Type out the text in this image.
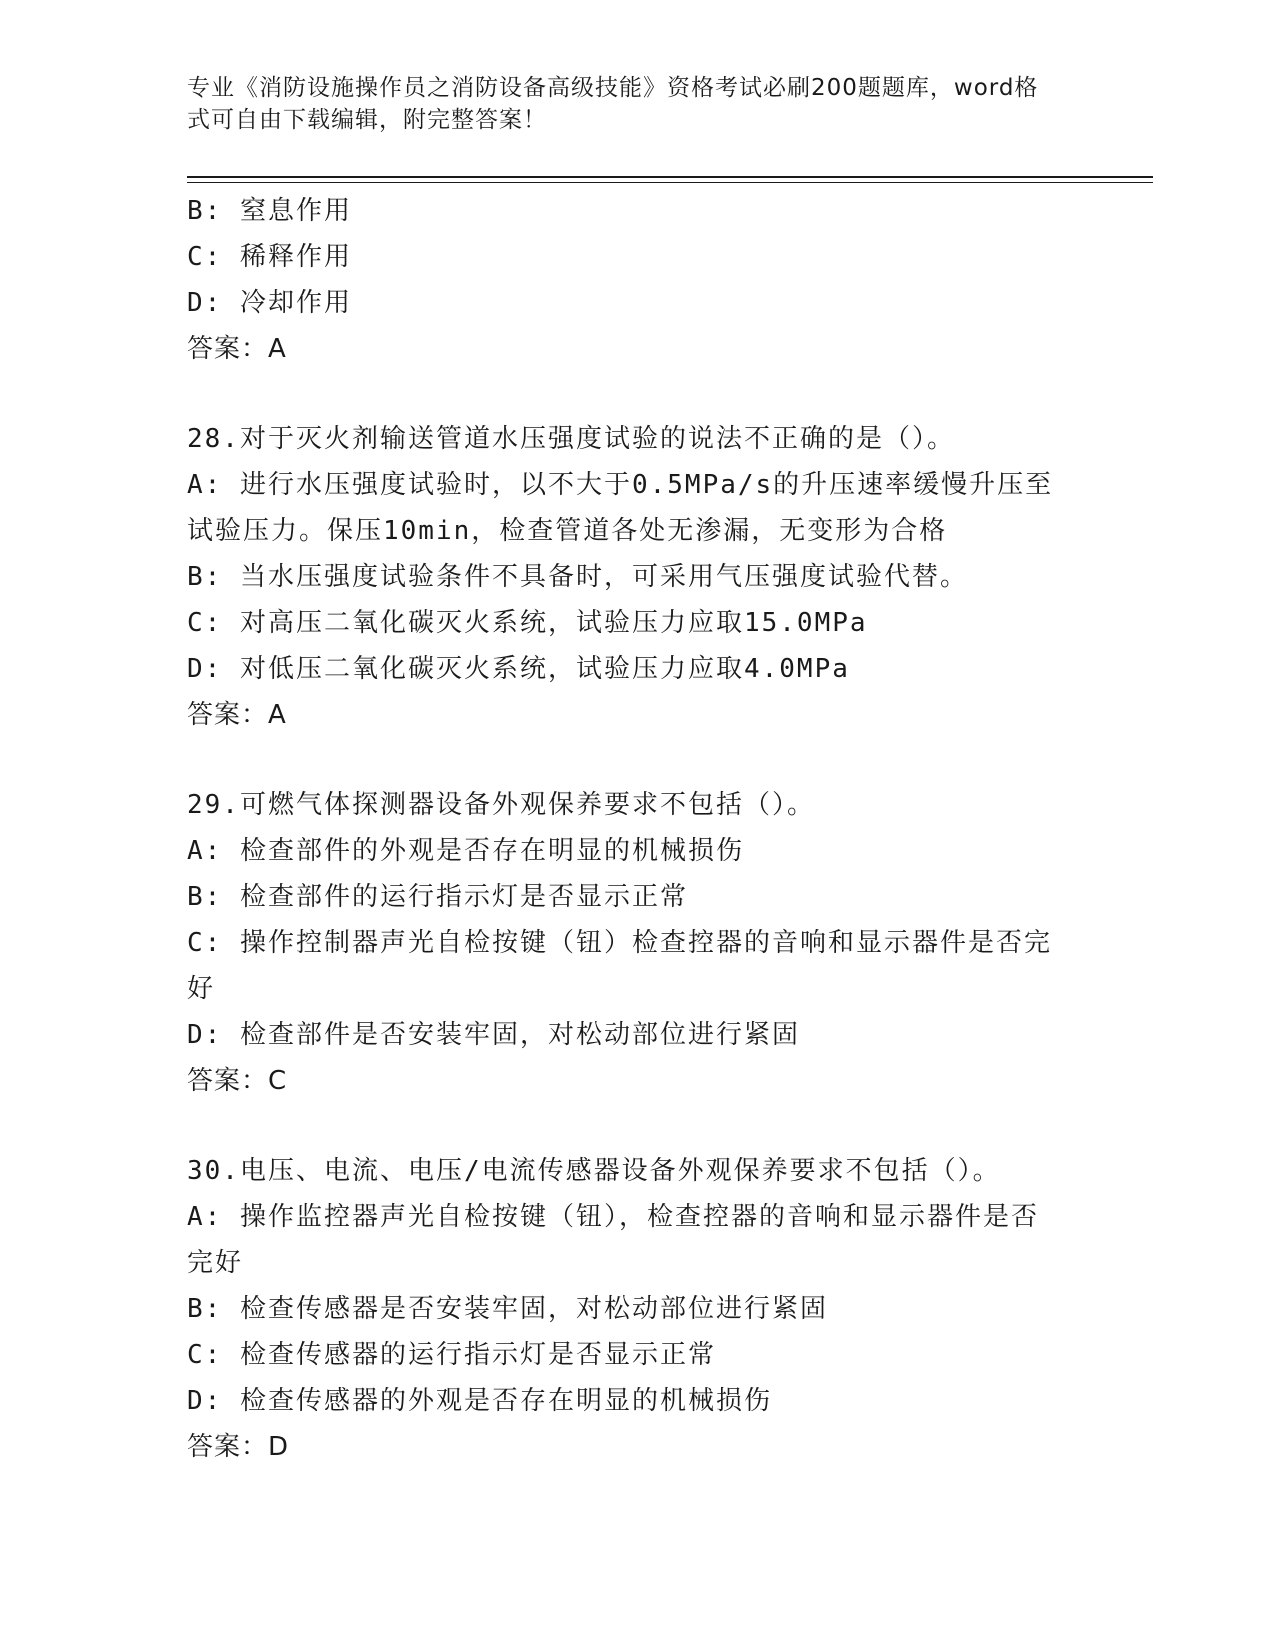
专业《消防设施操作员之消防设备高级技能》资格考试必刷200题题库，word格
式可自由下载编辑，附完整答案！
B: 窒息作用
C: 稀释作用
D: 冷却作用
答案：A
28.对于灭火剂输送管道水压强度试验的说法不正确的是（）。
A: 进行水压强度试验时，以不大于0.5MPa/s的升压速率缓慢升压至
试验压力。保压10min，检查管道各处无渗漏，无变形为合格
B: 当水压强度试验条件不具备时，可采用气压强度试验代替。
C: 对高压二氧化碳灭火系统，试验压力应取15.0MPa
D: 对低压二氧化碳灭火系统，试验压力应取4.0MPa
答案：A
29.可燃气体探测器设备外观保养要求不包括（）。
A: 检查部件的外观是否存在明显的机械损伤
B: 检查部件的运行指示灯是否显示正常
C: 操作控制器声光自检按键（钮）检查控器的音响和显示器件是否完
好
D: 检查部件是否安装牢固，对松动部位进行紧固
答案：C
30.电压、电流、电压/电流传感器设备外观保养要求不包括（）。
A: 操作监控器声光自检按键（钮），检查控器的音响和显示器件是否
完好
B: 检查传感器是否安装牢固，对松动部位进行紧固
C: 检查传感器的运行指示灯是否显示正常
D: 检查传感器的外观是否存在明显的机械损伤
答案：D
